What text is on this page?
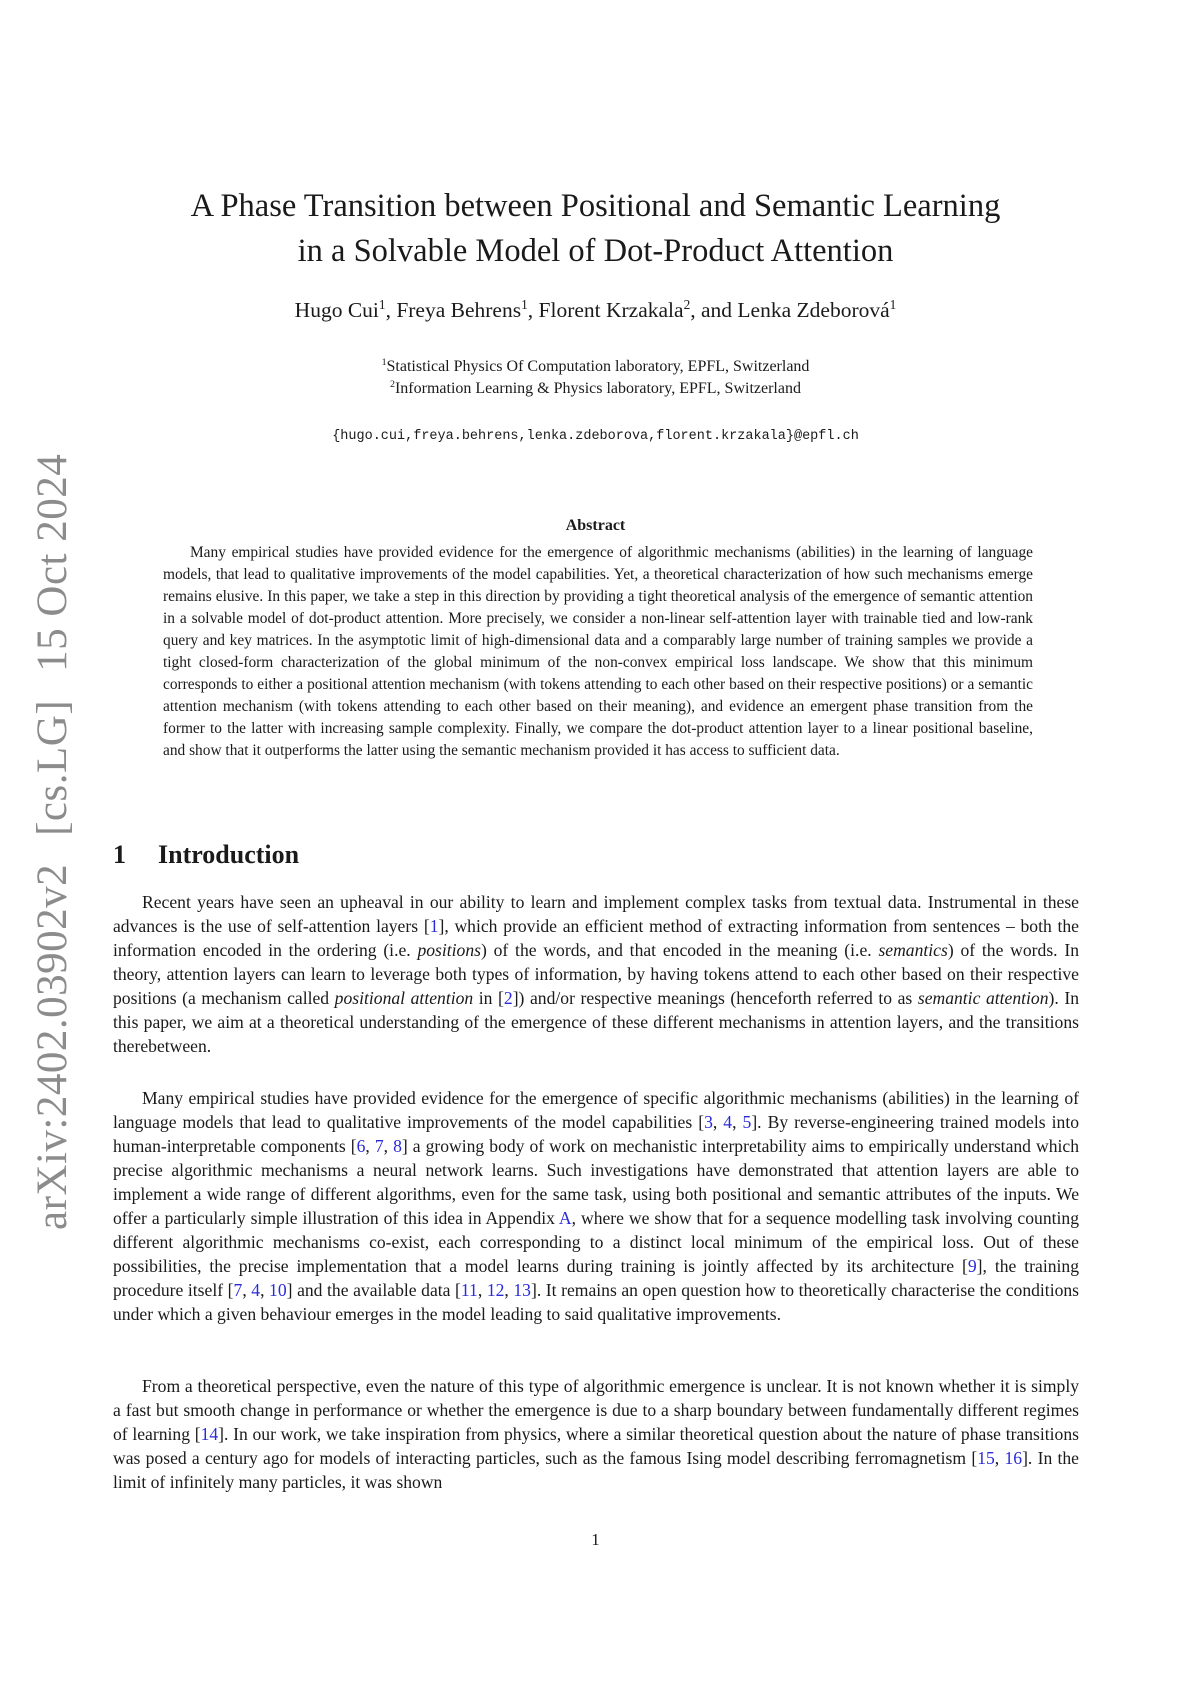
arXiv:2402.03902v2[cs.LG]15 Oct 2024
A Phase Transition between Positional and Semantic Learning
in a Solvable Model of Dot-Product Attention
Hugo Cui$^1$, Freya Behrens$^1$, Florent Krzakala$^2$, and Lenka Zdeborová$^1$
$^1$Statistical Physics Of Computation laboratory, EPFL, Switzerland
$^2$Information Learning & Physics laboratory, EPFL, Switzerland
{hugo.cui,freya.behrens,lenka.zdeborova,florent.krzakala}@epfl.ch
Abstract

Many empirical studies have provided evidence for the emergence of algorithmic mechanisms (abilities) in the learning of language models, that lead to qualitative improvements of the model capabilities. Yet, a theoretical characterization of how such mechanisms emerge remains elusive. In this paper, we take a step in this direction by providing a tight theoretical analysis of the emergence of semantic attention in a solvable model of dot-product attention. More precisely, we consider a non-linear self-attention layer with trainable tied and low-rank query and key matrices. In the asymptotic limit of high-dimensional data and a comparably large number of training samples we provide a tight closed-form characterization of the global minimum of the non-convex empirical loss landscape. We show that this minimum corresponds to either a positional attention mechanism (with tokens attending to each other based on their respective positions) or a semantic attention mechanism (with tokens attending to each other based on their meaning), and evidence an emergent phase transition from the former to the latter with increasing sample complexity. Finally, we compare the dot-product attention layer to a linear positional baseline, and show that it outperforms the latter using the semantic mechanism provided it has access to sufficient data.

1 Introduction

Recent years have seen an upheaval in our ability to learn and implement complex tasks from textual data. Instrumental in these advances is the use of self-attention layers [1], which provide an efficient method of extracting information from sentences – both the information encoded in the ordering (i.e. positions) of the words, and that encoded in the meaning (i.e. semantics) of the words. In theory, attention layers can learn to leverage both types of information, by having tokens attend to each other based on their respective positions (a mechanism called positional attention in [2]) and/or respective meanings (henceforth referred to as semantic attention). In this paper, we aim at a theoretical understanding of the emergence of these different mechanisms in attention layers, and the transitions therebetween.

Many empirical studies have provided evidence for the emergence of specific algorithmic mechanisms (abilities) in the learning of language models that lead to qualitative improvements of the model capabilities [3, 4, 5]. By reverse-engineering trained models into human-interpretable components [6, 7, 8] a growing body of work on mechanistic interpretability aims to empirically understand which precise algorithmic mechanisms a neural network learns. Such investigations have demonstrated that attention layers are able to implement a wide range of different algorithms, even for the same task, using both positional and semantic attributes of the inputs. We offer a particularly simple illustration of this idea in Appendix A, where we show that for a sequence modelling task involving counting different algorithmic mechanisms co-exist, each corresponding to a distinct local minimum of the empirical loss. Out of these possibilities, the precise implementation that a model learns during training is jointly affected by its architecture [9], the training procedure itself [7, 4, 10] and the available data [11, 12, 13]. It remains an open question how to theoretically characterise the conditions under which a given behaviour emerges in the model leading to said qualitative improvements.

From a theoretical perspective, even the nature of this type of algorithmic emergence is unclear. It is not known whether it is simply a fast but smooth change in performance or whether the emergence is due to a sharp boundary between fundamentally different regimes of learning [14]. In our work, we take inspiration from physics, where a similar theoretical question about the nature of phase transitions was posed a century ago for models of interacting particles, such as the famous Ising model describing ferromagnetism [15, 16]. In the limit of infinitely many particles, it was shown

1
